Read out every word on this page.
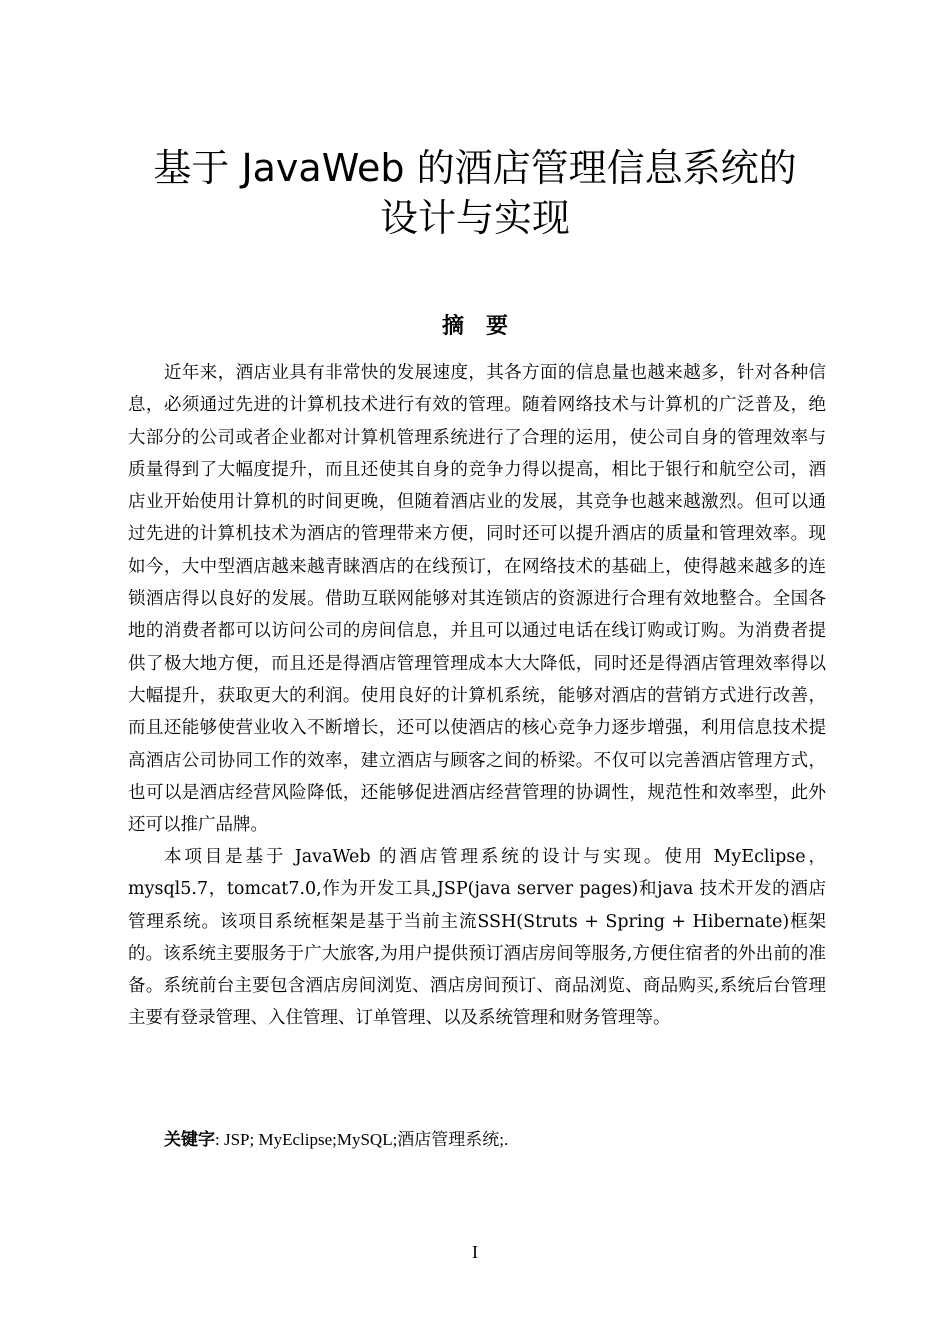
基于 JavaWeb 的酒店管理信息系统的
设计与实现
摘要

近年来，酒店业具有非常快的发展速度，其各方面的信息量也越来越多，针对各种信息，必须通过先进的计算机技术进行有效的管理。随着网络技术与计算机的广泛普及，绝大部分的公司或者企业都对计算机管理系统进行了合理的运用，使公司自身的管理效率与质量得到了大幅度提升，而且还使其自身的竞争力得以提高，相比于银行和航空公司，酒店业开始使用计算机的时间更晚，但随着酒店业的发展，其竞争也越来越激烈。但可以通过先进的计算机技术为酒店的管理带来方便，同时还可以提升酒店的质量和管理效率。现如今，大中型酒店越来越青睐酒店的在线预订，在网络技术的基础上，使得越来越多的连锁酒店得以良好的发展。借助互联网能够对其连锁店的资源进行合理有效地整合。全国各地的消费者都可以访问公司的房间信息，并且可以通过电话在线订购或订购。为消费者提供了极大地方便，而且还是得酒店管理管理成本大大降低，同时还是得酒店管理效率得以大幅提升，获取更大的利润。使用良好的计算机系统，能够对酒店的营销方式进行改善，而且还能够使营业收入不断增长，还可以使酒店的核心竞争力逐步增强，利用信息技术提高酒店公司协同工作的效率，建立酒店与顾客之间的桥梁。不仅可以完善酒店管理方式，也可以是酒店经营风险降低，还能够促进酒店经营管理的协调性，规范性和效率型，此外还可以推广品牌。

本项目是基于 JavaWeb 的酒店管理系统的设计与实现。使用 MyEclipse，mysql5.7，tomcat7.0,作为开发工具,JSP(java server pages)和java 技术开发的酒店管理系统。该项目系统框架是基于当前主流SSH(Struts + Spring + Hibernate)框架的。该系统主要服务于广大旅客,为用户提供预订酒店房间等服务,方便住宿者的外出前的准备。系统前台主要包含酒店房间浏览、酒店房间预订、商品浏览、商品购买,系统后台管理主要有登录管理、入住管理、订单管理、以及系统管理和财务管理等。

关键字: JSP; MyEclipse;MySQL;酒店管理系统;.
I
